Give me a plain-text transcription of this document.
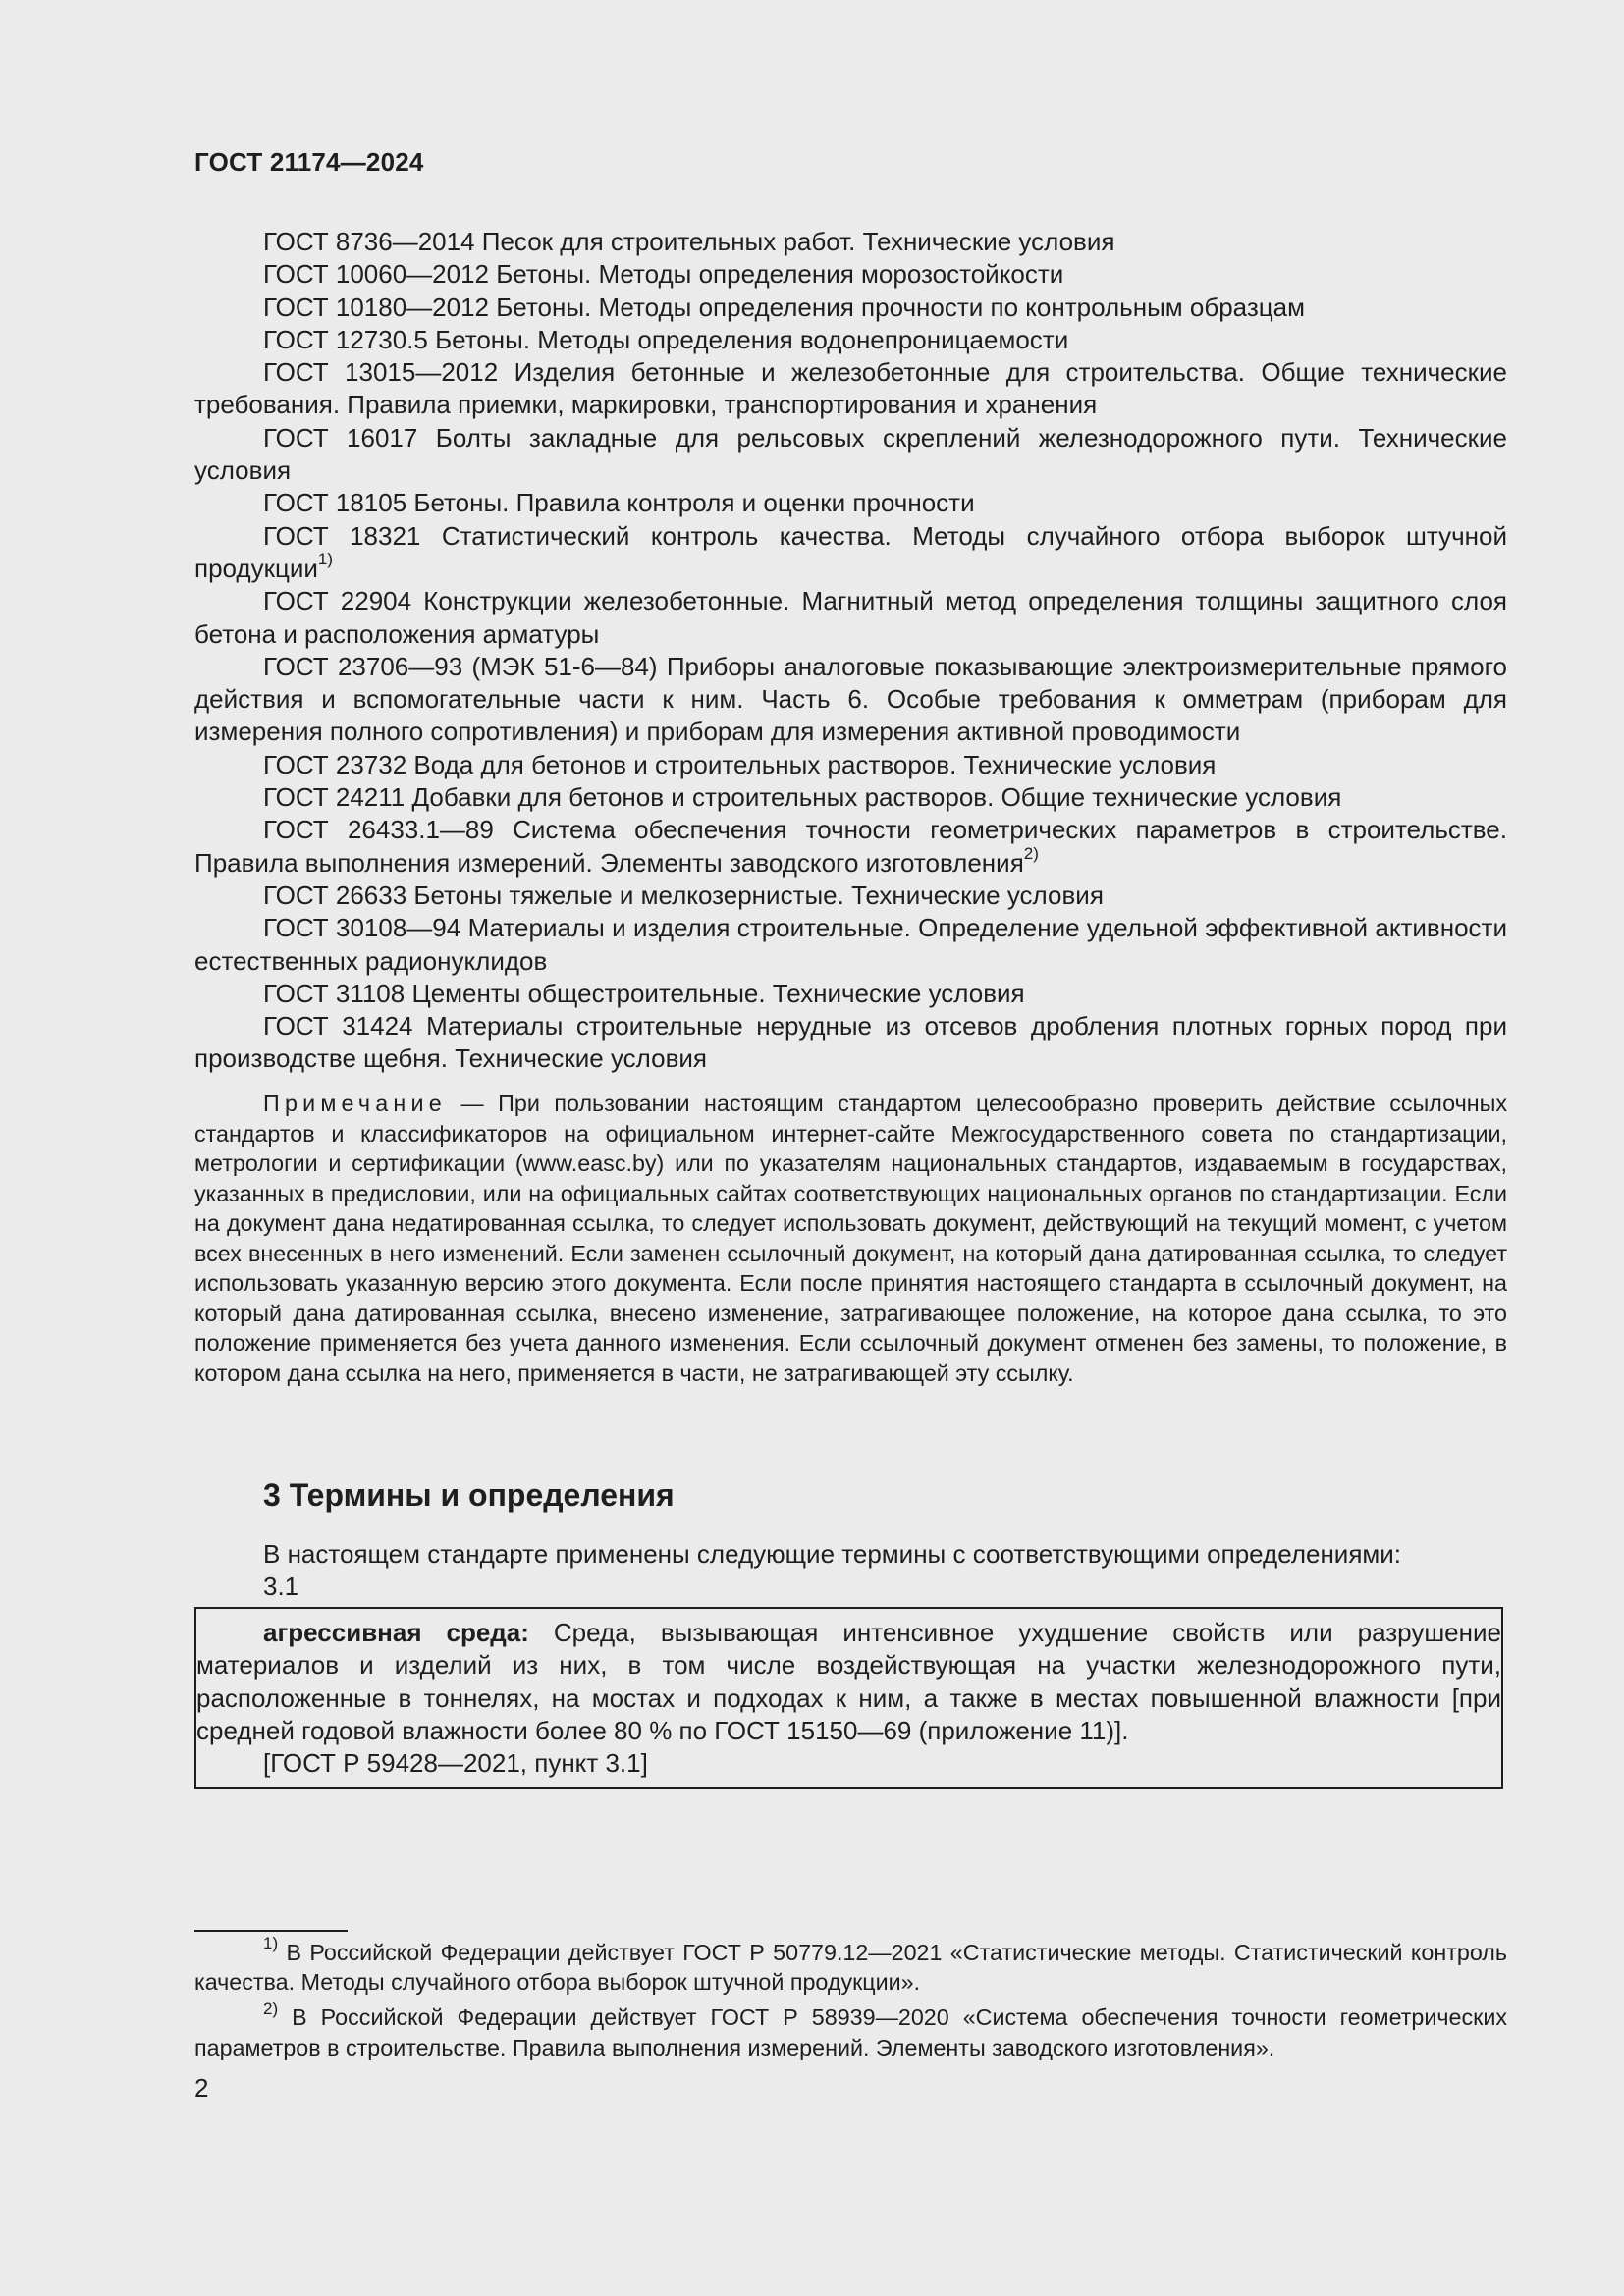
ГОСТ 21174—2024

ГОСТ 8736—2014 Песок для строительных работ. Технические условия

ГОСТ 10060—2012 Бетоны. Методы определения морозостойкости

ГОСТ 10180—2012 Бетоны. Методы определения прочности по контрольным образцам

ГОСТ 12730.5 Бетоны. Методы определения водонепроницаемости

ГОСТ 13015—2012 Изделия бетонные и железобетонные для строительства. Общие технические требования. Правила приемки, маркировки, транспортирования и хранения

ГОСТ 16017 Болты закладные для рельсовых скреплений железнодорожного пути. Технические условия

ГОСТ 18105 Бетоны. Правила контроля и оценки прочности

ГОСТ 18321 Статистический контроль качества. Методы случайного отбора выборок штучной продукции$^{1)}$

ГОСТ 22904 Конструкции железобетонные. Магнитный метод определения толщины защитного слоя бетона и расположения арматуры

ГОСТ 23706—93 (МЭК 51-6—84) Приборы аналоговые показывающие электроизмерительные прямого действия и вспомогательные части к ним. Часть 6. Особые требования к омметрам (приборам для измерения полного сопротивления) и приборам для измерения активной проводимости

ГОСТ 23732 Вода для бетонов и строительных растворов. Технические условия

ГОСТ 24211 Добавки для бетонов и строительных растворов. Общие технические условия

ГОСТ 26433.1—89 Система обеспечения точности геометрических параметров в строительстве. Правила выполнения измерений. Элементы заводского изготовления$^{2)}$

ГОСТ 26633 Бетоны тяжелые и мелкозернистые. Технические условия

ГОСТ 30108—94 Материалы и изделия строительные. Определение удельной эффективной активности естественных радионуклидов

ГОСТ 31108 Цементы общестроительные. Технические условия

ГОСТ 31424 Материалы строительные нерудные из отсевов дробления плотных горных пород при производстве щебня. Технические условия

Примечание — При пользовании настоящим стандартом целесообразно проверить действие ссылочных стандартов и классификаторов на официальном интернет-сайте Межгосударственного совета по стандартизации, метрологии и сертификации (www.easc.by) или по указателям национальных стандартов, издаваемым в государствах, указанных в предисловии, или на официальных сайтах соответствующих национальных органов по стандартизации. Если на документ дана недатированная ссылка, то следует использовать документ, действующий на текущий момент, с учетом всех внесенных в него изменений. Если заменен ссылочный документ, на который дана датированная ссылка, то следует использовать указанную версию этого документа. Если после принятия настоящего стандарта в ссылочный документ, на который дана датированная ссылка, внесено изменение, затрагивающее положение, на которое дана ссылка, то это положение применяется без учета данного изменения. Если ссылочный документ отменен без замены, то положение, в котором дана ссылка на него, применяется в части, не затрагивающей эту ссылку.

3 Термины и определения
В настоящем стандарте применены следующие термины с соответствующими определениями:
3.1

агрессивная среда: Среда, вызывающая интенсивное ухудшение свойств или разрушение материалов и изделий из них, в том числе воздействующая на участки железнодорожного пути, расположенные в тоннелях, на мостах и подходах к ним, а также в местах повышенной влажности [при средней годовой влажности более 80 % по ГОСТ 15150—69 (приложение 11)].

[ГОСТ Р 59428—2021, пункт 3.1]

$^{1)}$ В Российской Федерации действует ГОСТ Р 50779.12—2021 «Статистические методы. Статистический контроль качества. Методы случайного отбора выборок штучной продукции».

$^{2)}$ В Российской Федерации действует ГОСТ Р 58939—2020 «Система обеспечения точности геометрических параметров в строительстве. Правила выполнения измерений. Элементы заводского изготовления».

2
